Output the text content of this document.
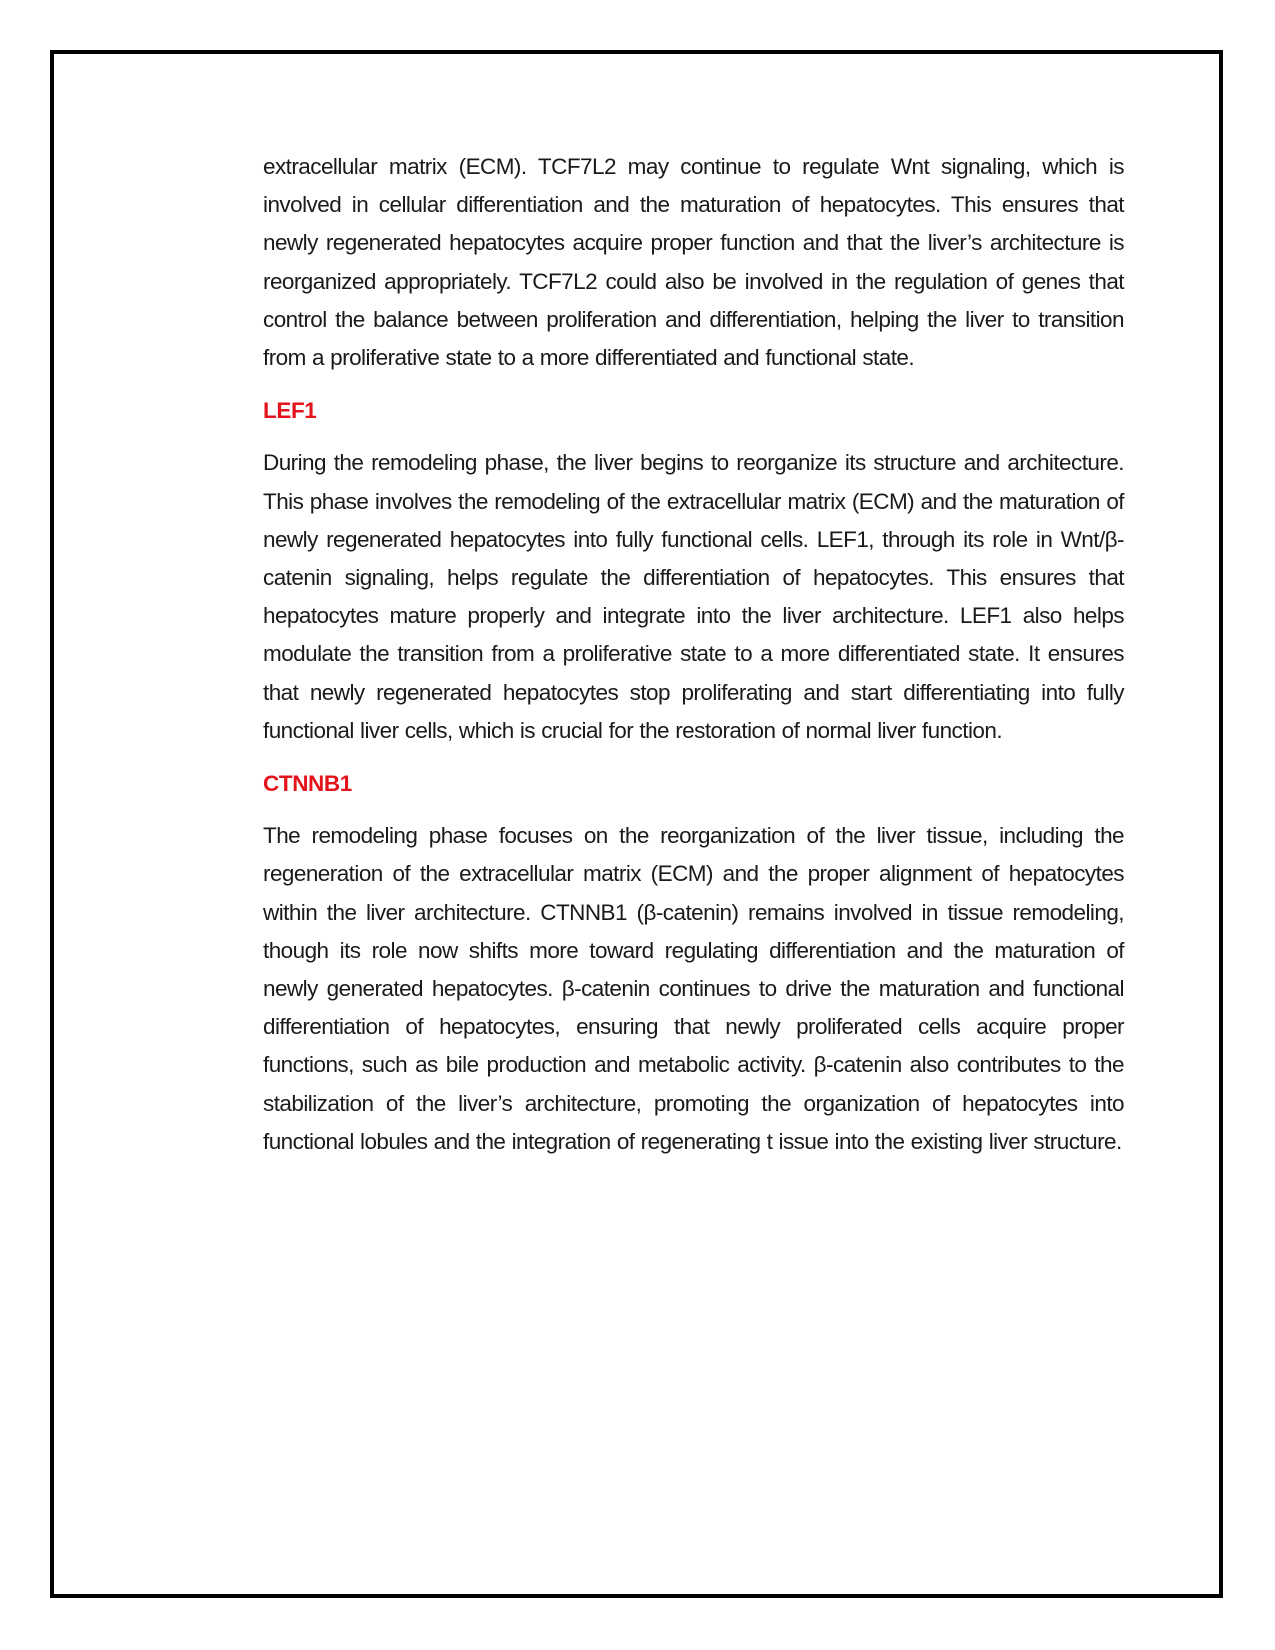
extracellular matrix (ECM). TCF7L2 may continue to regulate Wnt signaling, which is involved in cellular differentiation and the maturation of hepatocytes. This ensures that newly regenerated hepatocytes acquire proper function and that the liver’s architecture is reorganized appropriately. TCF7L2 could also be involved in the regulation of genes that control the balance between proliferation and differentiation, helping the liver to transition from a proliferative state to a more differentiated and functional state.

LEF1

During the remodeling phase, the liver begins to reorganize its structure and architecture. This phase involves the remodeling of the extracellular matrix (ECM) and the maturation of newly regenerated hepatocytes into fully functional cells. LEF1, through its role in Wnt/β-catenin signaling, helps regulate the differentiation of hepatocytes. This ensures that hepatocytes mature properly and integrate into the liver architecture. LEF1 also helps modulate the transition from a proliferative state to a more differentiated state. It ensures that newly regenerated hepatocytes stop proliferating and start differentiating into fully functional liver cells, which is crucial for the restoration of normal liver function.

CTNNB1

The remodeling phase focuses on the reorganization of the liver tissue, including the regeneration of the extracellular matrix (ECM) and the proper alignment of hepatocytes within the liver architecture. CTNNB1 (β-catenin) remains involved in tissue remodeling, though its role now shifts more toward regulating differentiation and the maturation of newly generated hepatocytes. β-catenin continues to drive the maturation and functional differentiation of hepatocytes, ensuring that newly proliferated cells acquire proper functions, such as bile production and metabolic activity. β-catenin also contributes to the stabilization of the liver’s architecture, promoting the organization of hepatocytes into functional lobules and the integration of regenerating t issue into the existing liver structure.
